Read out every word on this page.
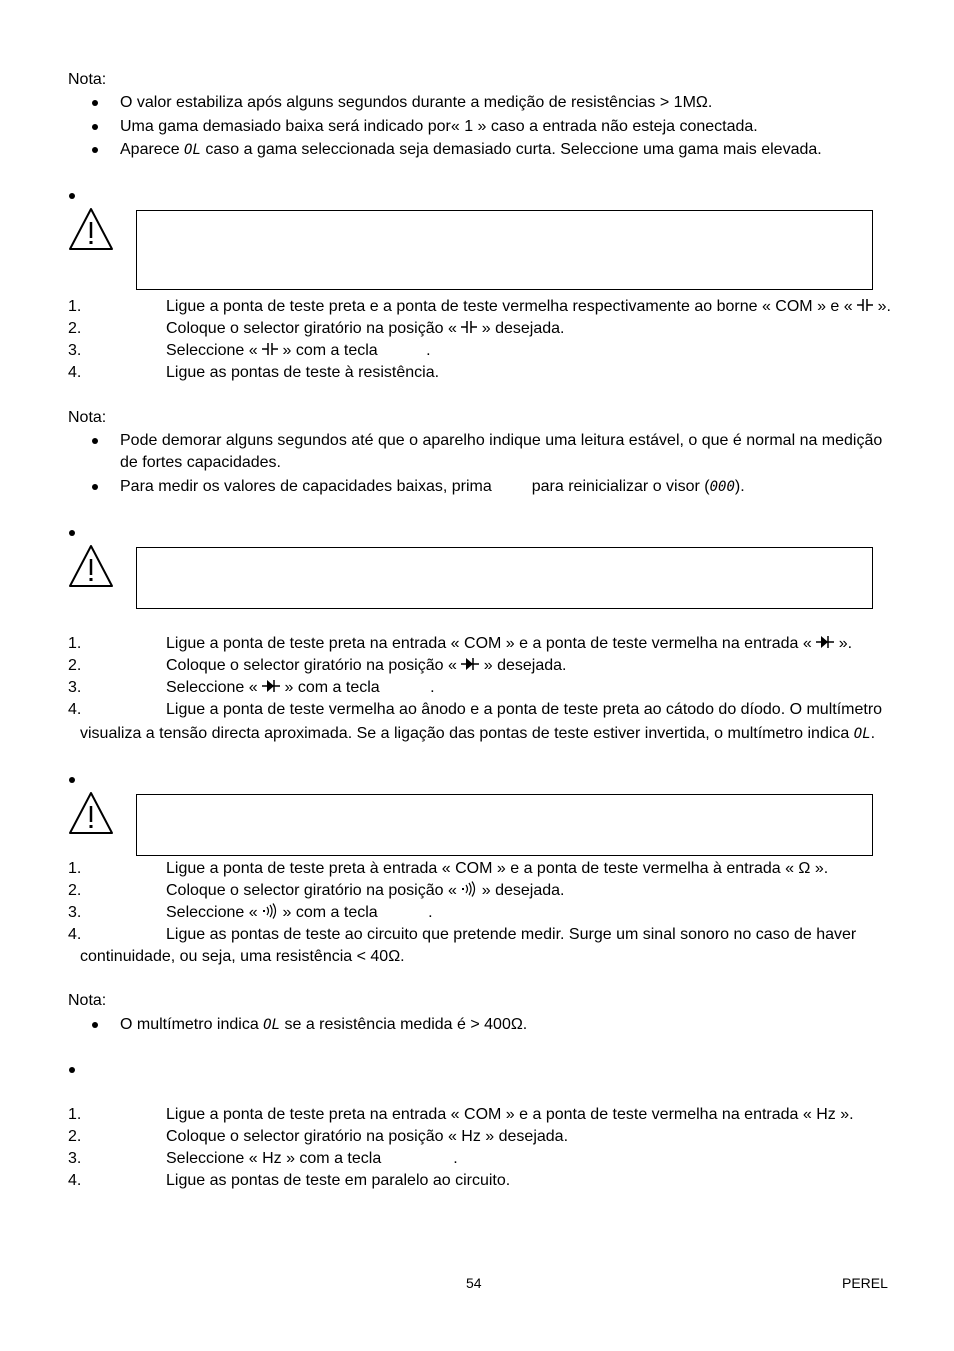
Nota:
O valor estabiliza após alguns segundos durante a medição de resistências > 1MΩ.
Uma gama demasiado baixa será indicado por« 1 » caso a entrada não esteja conectada.
Aparece OL caso a gama seleccionada seja demasiado curta. Seleccione uma gama mais elevada.
1.	Ligue a ponta de teste preta e a ponta de teste vermelha respectivamente ao borne « COM » e « ».
2.	Coloque o selector giratório na posição « » desejada.
3.	Seleccione « » com a tecla	.
4.	Ligue as pontas de teste à resistência.
Nota:
Pode demorar alguns segundos até que o aparelho indique uma leitura estável, o que é normal na medição
de fortes capacidades.
Para medir os valores de capacidades baixas, prima	para reinicializar o visor (000).
1.	Ligue a ponta de teste preta na entrada « COM » e a ponta de teste vermelha na entrada « ».
2.	Coloque o selector giratório na posição « » desejada.
3.	Seleccione « » com a tecla	.
4.	Ligue a ponta de teste vermelha ao ânodo e a ponta de teste preta ao cátodo do díodo. O multímetro
visualiza a tensão directa aproximada. Se a ligação das pontas de teste estiver invertida, o multímetro indica OL.
1.	Ligue a ponta de teste preta à entrada « COM » e a ponta de teste vermelha à entrada « Ω ».
2.	Coloque o selector giratório na posição « » desejada.
3.	Seleccione « » com a tecla	.
4.	Ligue as pontas de teste ao circuito que pretende medir. Surge um sinal sonoro no caso de haver
continuidade, ou seja, uma resistência < 40Ω.
Nota:
O multímetro indica OL se a resistência medida é > 400Ω.
1.	Ligue a ponta de teste preta na entrada « COM » e a ponta de teste vermelha na entrada « Hz ».
2.	Coloque o selector giratório na posição « Hz » desejada.
3.	Seleccione « Hz » com a tecla	.
4.	Ligue as pontas de teste em paralelo ao circuito.
54	PEREL
